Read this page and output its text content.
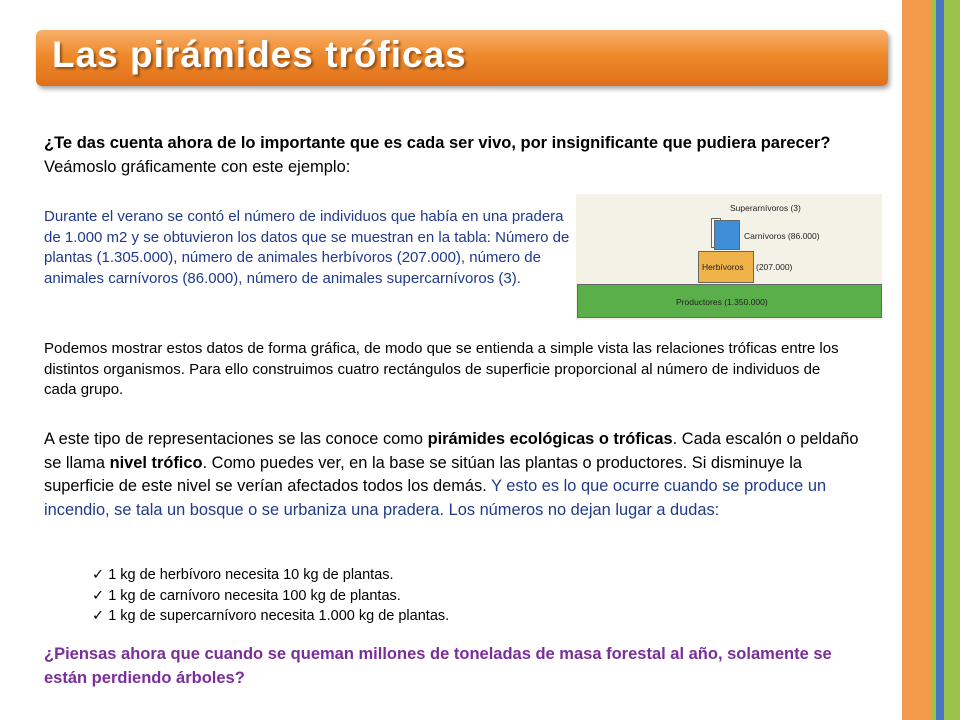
Las pirámides tróficas

¿Te das cuenta ahora de lo importante que es cada ser vivo, por insignificante que pudiera parecer? Veámoslo gráficamente con este ejemplo:

Durante el verano se contó el número de individuos que había en una pradera de 1.000 m2 y se obtuvieron los datos que se muestran en la tabla: Número de plantas (1.305.000), número de animales herbívoros (207.000), número de animales carnívoros (86.000), número de animales supercarnívoros (3).

Superarnívoros (3)
Carnívoros (86.000)
Herbívoros (207.000)
Productores (1.350.000)

Podemos mostrar estos datos de forma gráfica, de modo que se entienda a simple vista las relaciones tróficas entre los distintos organismos. Para ello construimos cuatro rectángulos de superficie proporcional al número de individuos de cada grupo.

A este tipo de representaciones se las conoce como pirámides ecológicas o tróficas. Cada escalón o peldaño se llama nivel trófico. Como puedes ver, en la base se sitúan las plantas o productores. Si disminuye la superficie de este nivel se verían afectados todos los demás. Y esto es lo que ocurre cuando se produce un incendio, se tala un bosque o se urbaniza una pradera. Los números no dejan lugar a dudas:

✓ 1 kg de herbívoro necesita 10 kg de plantas.
✓ 1 kg de carnívoro necesita 100 kg de plantas.
✓ 1 kg de supercarnívoro necesita 1.000 kg de plantas.

¿Piensas ahora que cuando se queman millones de toneladas de masa forestal al año, solamente se están perdiendo árboles?
